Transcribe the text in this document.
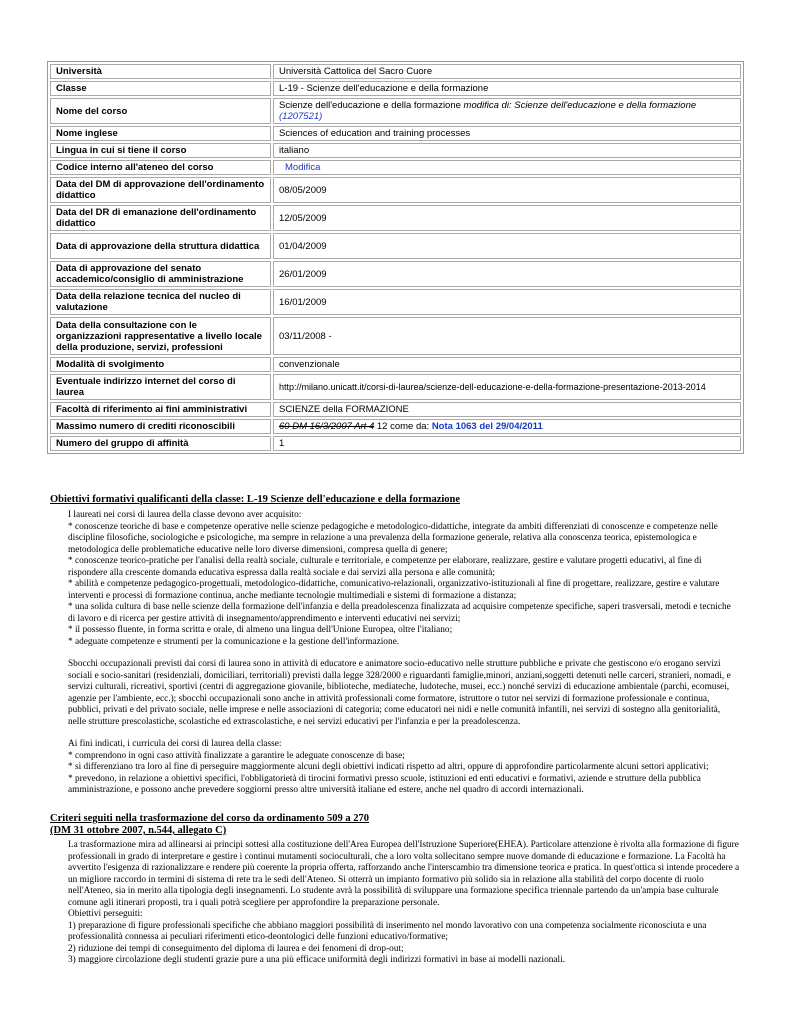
Università	Università Cattolica del Sacro Cuore
Classe	L-19 - Scienze dell'educazione e della formazione
Nome del corso	Scienze dell'educazione e della formazione modifica di: Scienze dell'educazione e della formazione
(1207521)
Nome inglese	Sciences of education and training processes
Lingua in cui si tiene il corso	italiano
Codice interno all'ateneo del corso	Modifica
Data del DM di approvazione dell'ordinamento didattico	08/05/2009
Data del DR di emanazione dell'ordinamento didattico	12/05/2009
Data di approvazione della struttura didattica	01/04/2009
Data di approvazione del senato accademico/consiglio di amministrazione	26/01/2009
Data della relazione tecnica del nucleo di valutazione	16/01/2009
Data della consultazione con le organizzazioni rappresentative a livello locale della produzione, servizi, professioni	03/11/2008 -
Modalità di svolgimento	convenzionale
Eventuale indirizzo internet del corso di laurea	http://milano.unicatt.it/corsi-di-laurea/scienze-dell-educazione-e-della-formazione-presentazione-2013-2014
Facoltà di riferimento ai fini amministrativi	SCIENZE della FORMAZIONE
Massimo numero di crediti riconoscibili	60 DM 16/3/2007 Art 4 12 come da: Nota 1063 del 29/04/2011
Numero del gruppo di affinità	1
Obiettivi formativi qualificanti della classe: L-19 Scienze dell'educazione e della formazione

I laureati nei corsi di laurea della classe devono aver acquisito:

* conoscenze teoriche di base e competenze operative nelle scienze pedagogiche e metodologico-didattiche, integrate da ambiti differenziati di conoscenze e competenze nelle discipline filosofiche, sociologiche e psicologiche, ma sempre in relazione a una prevalenza della formazione generale, relativa alla conoscenza teorica, epistemologica e metodologica delle problematiche educative nelle loro diverse dimensioni, compresa quella di genere;

* conoscenze teorico-pratiche per l'analisi della realtà sociale, culturale e territoriale, e competenze per elaborare, realizzare, gestire e valutare progetti educativi, al fine di rispondere alla crescente domanda educativa espressa dalla realtà sociale e dai servizi alla persona e alle comunità;

* abilità e competenze pedagogico-progettuali, metodologico-didattiche, comunicativo-relazionali, organizzativo-istituzionali al fine di progettare, realizzare, gestire e valutare interventi e processi di formazione continua, anche mediante tecnologie multimediali e sistemi di formazione a distanza;

* una solida cultura di base nelle scienze della formazione dell'infanzia e della preadolescenza finalizzata ad acquisire competenze specifiche, saperi trasversali, metodi e tecniche di lavoro e di ricerca per gestire attività di insegnamento/apprendimento e interventi educativi nei servizi;

* il possesso fluente, in forma scritta e orale, di almeno una lingua dell'Unione Europea, oltre l'italiano;

* adeguate competenze e strumenti per la comunicazione e la gestione dell'informazione.

Sbocchi occupazionali previsti dai corsi di laurea sono in attività di educatore e animatore socio-educativo nelle strutture pubbliche e private che gestiscono e/o erogano servizi sociali e socio-sanitari (residenziali, domiciliari, territoriali) previsti dalla legge 328/2000 e riguardanti famiglie,minori, anziani,soggetti detenuti nelle carceri, stranieri, nomadi, e servizi culturali, ricreativi, sportivi (centri di aggregazione giovanile, biblioteche, mediateche, ludoteche, musei, ecc.) nonché servizi di educazione ambientale (parchi, ecomusei, agenzie per l'ambiente, ecc.); sbocchi occupazionali sono anche in attività professionali come formatore, istruttore o tutor nei servizi di formazione professionale e continua, pubblici, privati e del privato sociale, nelle imprese e nelle associazioni di categoria; come educatori nei nidi e nelle comunità infantili, nei servizi di sostegno alla genitorialità, nelle strutture prescolastiche, scolastiche ed extrascolastiche, e nei servizi educativi per l'infanzia e per la preadolescenza.

Ai fini indicati, i curricula dei corsi di laurea della classe:

* comprendono in ogni caso attività finalizzate a garantire le adeguate conoscenze di base;

* si differenziano tra loro al fine di perseguire maggiormente alcuni degli obiettivi indicati rispetto ad altri, oppure di approfondire particolarmente alcuni settori applicativi;

* prevedono, in relazione a obiettivi specifici, l'obbligatorietà di tirocini formativi presso scuole, istituzioni ed enti educativi e formativi, aziende e strutture della pubblica amministrazione, e possono anche prevedere soggiorni presso altre università italiane ed estere, anche nel quadro di accordi internazionali.

Criteri seguiti nella trasformazione del corso da ordinamento 509 a 270
(DM 31 ottobre 2007, n.544, allegato C)

La trasformazione mira ad allinearsi ai principi sottesi alla costituzione dell'Area Europea dell'Istruzione Superiore(EHEA). Particolare attenzione è rivolta alla formazione di figure professionali in grado di interpretare e gestire i continui mutamenti socioculturali, che a loro volta sollecitano sempre nuove domande di educazione e formazione. La Facoltà ha avvertito l'esigenza di razionalizzare e rendere più coerente la propria offerta, rafforzando anche l'interscambio tra dimensione teorica e pratica. In quest'ottica si intende procedere a un migliore raccordo in termini di sistema di rete tra le sedi dell'Ateneo. Si otterrà un impianto formativo più solido sia in relazione alla stabilità del corpo docente di ruolo nell'Ateneo, sia in merito alla tipologia degli insegnamenti. Lo studente avrà la possibilità di sviluppare una formazione specifica triennale partendo da un'ampia base culturale comune agli itinerari proposti, tra i quali potrà scegliere per approfondire la preparazione personale.

Obiettivi perseguiti:

1) preparazione di figure professionali specifiche che abbiano maggiori possibilità di inserimento nel mondo lavorativo con una competenza socialmente riconosciuta e una professionalità connessa ai peculiari riferimenti etico-deontologici delle funzioni educativo/formative;

2) riduzione dei tempi di conseguimento del diploma di laurea e dei fenomeni di drop-out;

3) maggiore circolazione degli studenti grazie pure a una più efficace uniformità degli indirizzi formativi in base ai modelli nazionali.
